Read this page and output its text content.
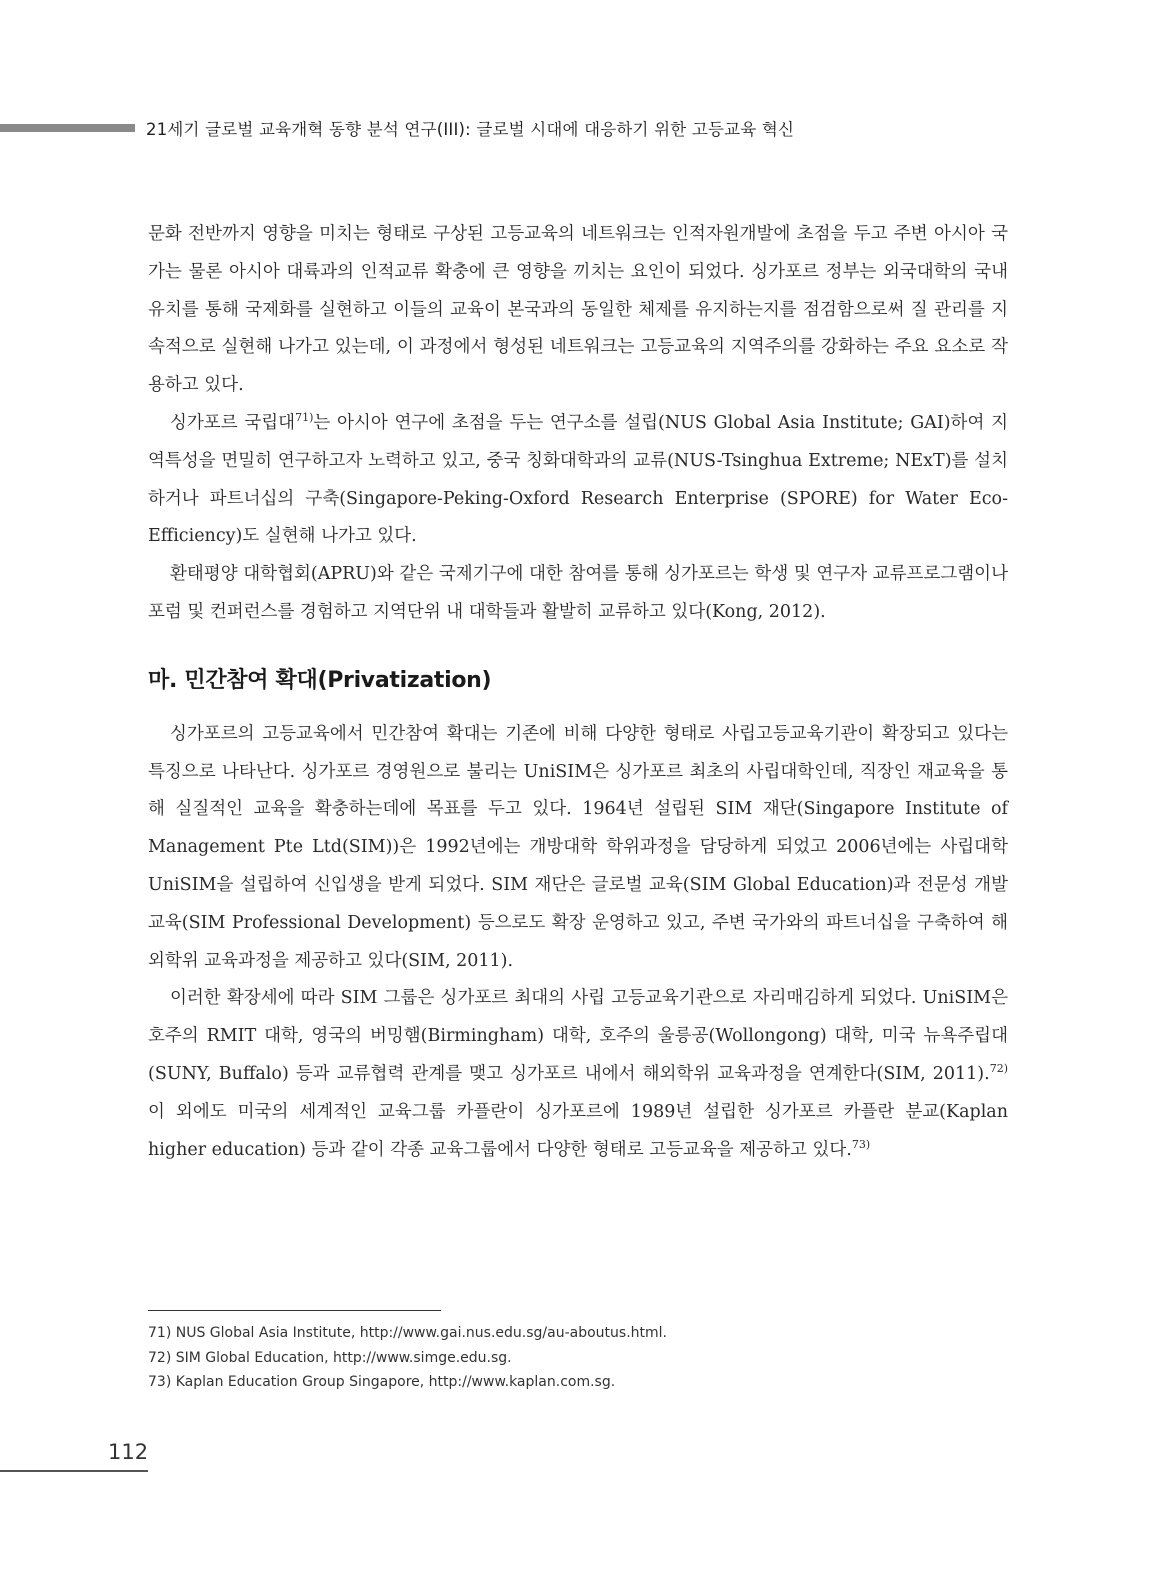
21세기 글로벌 교육개혁 동향 분석 연구(III): 글로벌 시대에 대응하기 위한 고등교육 혁신

문화 전반까지 영향을 미치는 형태로 구상된 고등교육의 네트워크는 인적자원개발에 초점을 두고 주변 아시아 국가는 물론 아시아 대륙과의 인적교류 확충에 큰 영향을 끼치는 요인이 되었다. 싱가포르 정부는 외국대학의 국내 유치를 통해 국제화를 실현하고 이들의 교육이 본국과의 동일한 체제를 유지하는지를 점검함으로써 질 관리를 지속적으로 실현해 나가고 있는데, 이 과정에서 형성된 네트워크는 고등교육의 지역주의를 강화하는 주요 요소로 작용하고 있다.

싱가포르 국립대$^{71)}$는 아시아 연구에 초점을 두는 연구소를 설립(NUS Global Asia Institute; GAI)하여 지역특성을 면밀히 연구하고자 노력하고 있고, 중국 칭화대학과의 교류(NUS-Tsinghua Extreme; NExT)를 설치하거나 파트너십의 구축(Singapore-Peking-Oxford Research Enterprise (SPORE) for Water Eco-Efficiency)도 실현해 나가고 있다.

환태평양 대학협회(APRU)와 같은 국제기구에 대한 참여를 통해 싱가포르는 학생 및 연구자 교류프로그램이나 포럼 및 컨퍼런스를 경험하고 지역단위 내 대학들과 활발히 교류하고 있다(Kong, 2012).

마. 민간참여 확대(Privatization)

싱가포르의 고등교육에서 민간참여 확대는 기존에 비해 다양한 형태로 사립고등교육기관이 확장되고 있다는 특징으로 나타난다. 싱가포르 경영원으로 불리는 UniSIM은 싱가포르 최초의 사립대학인데, 직장인 재교육을 통해 실질적인 교육을 확충하는데에 목표를 두고 있다. 1964년 설립된 SIM 재단(Singapore Institute of Management Pte Ltd(SIM))은 1992년에는 개방대학 학위과정을 담당하게 되었고 2006년에는 사립대학 UniSIM을 설립하여 신입생을 받게 되었다. SIM 재단은 글로벌 교육(SIM Global Education)과 전문성 개발 교육(SIM Professional Development) 등으로도 확장 운영하고 있고, 주변 국가와의 파트너십을 구축하여 해외학위 교육과정을 제공하고 있다(SIM, 2011).

이러한 확장세에 따라 SIM 그룹은 싱가포르 최대의 사립 고등교육기관으로 자리매김하게 되었다. UniSIM은 호주의 RMIT 대학, 영국의 버밍햄(Birmingham) 대학, 호주의 울릉공(Wollongong) 대학, 미국 뉴욕주립대(SUNY, Buffalo) 등과 교류협력 관계를 맺고 싱가포르 내에서 해외학위 교육과정을 연계한다(SIM, 2011).$^{72)}$ 이 외에도 미국의 세계적인 교육그룹 카플란이 싱가포르에 1989년 설립한 싱가포르 카플란 분교(Kaplan higher education) 등과 같이 각종 교육그룹에서 다양한 형태로 고등교육을 제공하고 있다.$^{73)}$

71) NUS Global Asia Institute, http://www.gai.nus.edu.sg/au-aboutus.html.
72) SIM Global Education, http://www.simge.edu.sg.
73) Kaplan Education Group Singapore, http://www.kaplan.com.sg.
112
